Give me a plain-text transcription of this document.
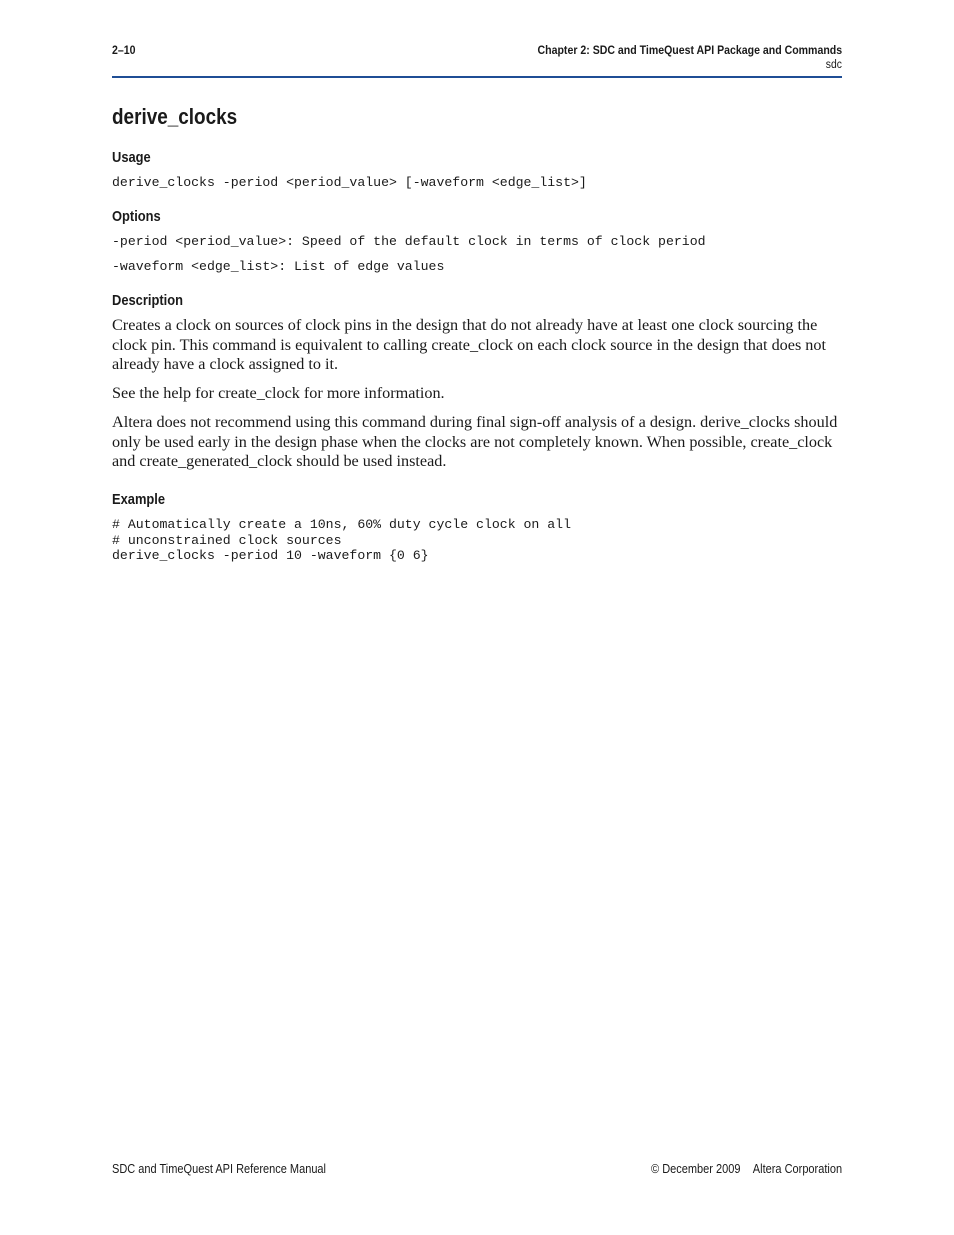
2–10	Chapter 2: SDC and TimeQuest API Package and Commands
sdc
derive_clocks
Usage
derive_clocks -period <period_value> [-waveform <edge_list>]
Options
-period <period_value>: Speed of the default clock in terms of clock period
-waveform <edge_list>: List of edge values
Description

Creates a clock on sources of clock pins in the design that do not already have at least one clock sourcing the clock pin. This command is equivalent to calling create_clock on each clock source in the design that does not already have a clock assigned to it.

See the help for create_clock for more information.

Altera does not recommend using this command during final sign-off analysis of a design. derive_clocks should only be used early in the design phase when the clocks are not completely known. When possible, create_clock and create_generated_clock should be used instead.

Example
# Automatically create a 10ns, 60% duty cycle clock on all
# unconstrained clock sources
derive_clocks -period 10 -waveform {0 6}
SDC and TimeQuest API Reference Manual	© December 2009 Altera Corporation
